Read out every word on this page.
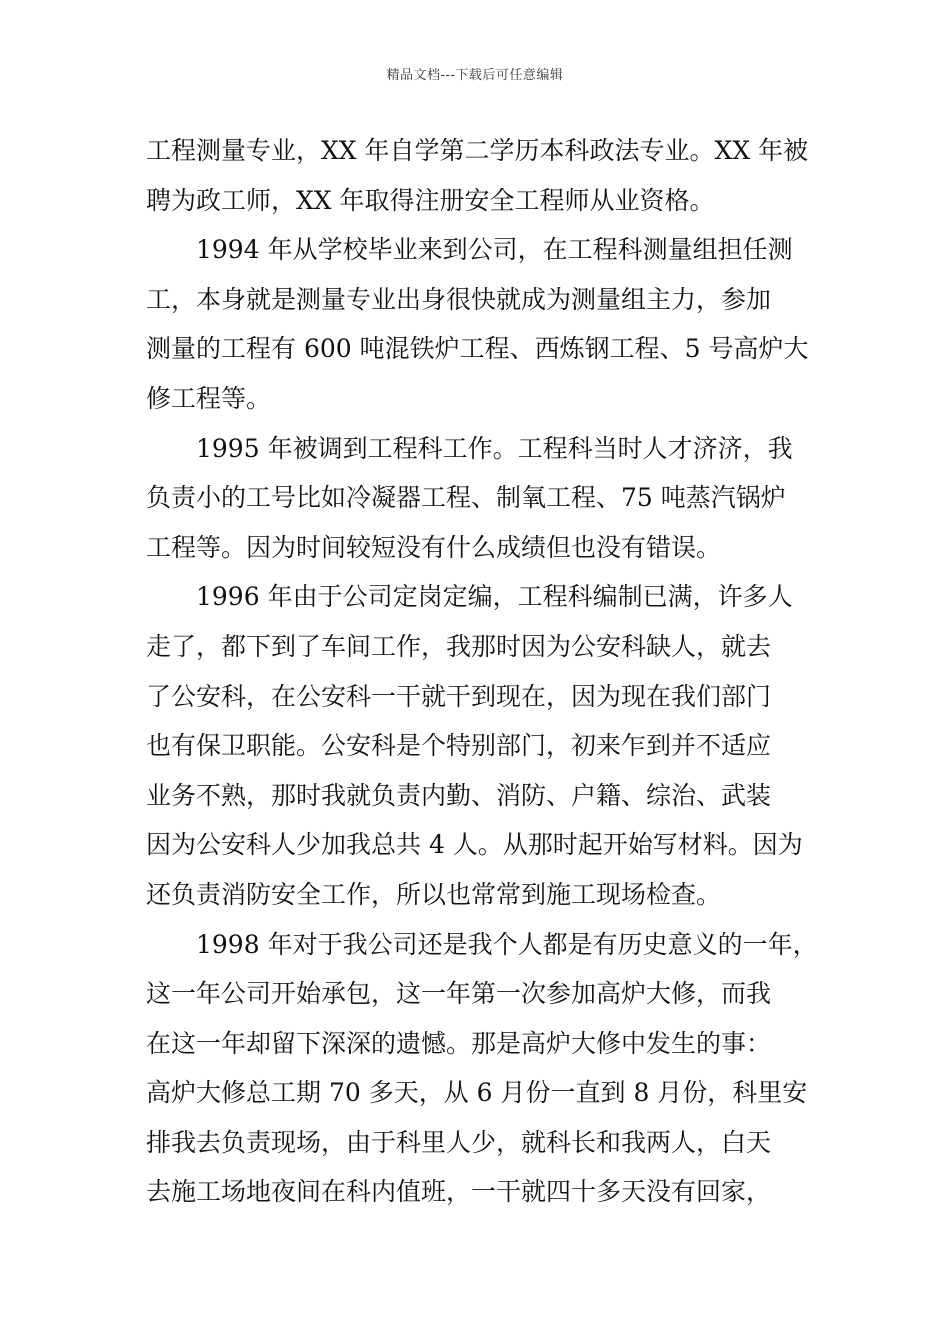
精品文档---下载后可任意编辑
工程测量专业，XX 年自学第二学历本科政法专业。XX 年被
聘为政工师，XX 年取得注册安全工程师从业资格。
1994 年从学校毕业来到公司，在工程科测量组担任测
工，本身就是测量专业出身很快就成为测量组主力，参加
测量的工程有 600 吨混铁炉工程、西炼钢工程、5 号高炉大
修工程等。
1995 年被调到工程科工作。工程科当时人才济济，我
负责小的工号比如冷凝器工程、制氧工程、75 吨蒸汽锅炉
工程等。因为时间较短没有什么成绩但也没有错误。
1996 年由于公司定岗定编，工程科编制已满，许多人
走了，都下到了车间工作，我那时因为公安科缺人，就去
了公安科，在公安科一干就干到现在，因为现在我们部门
也有保卫职能。公安科是个特别部门，初来乍到并不适应
业务不熟，那时我就负责内勤、消防、户籍、综治、武装
因为公安科人少加我总共 4 人。从那时起开始写材料。因为
还负责消防安全工作，所以也常常到施工现场检查。
1998 年对于我公司还是我个人都是有历史意义的一年，
这一年公司开始承包，这一年第一次参加高炉大修，而我
在这一年却留下深深的遗憾。那是高炉大修中发生的事：
高炉大修总工期 70 多天，从 6 月份一直到 8 月份，科里安
排我去负责现场，由于科里人少，就科长和我两人，白天
去施工场地夜间在科内值班，一干就四十多天没有回家，
